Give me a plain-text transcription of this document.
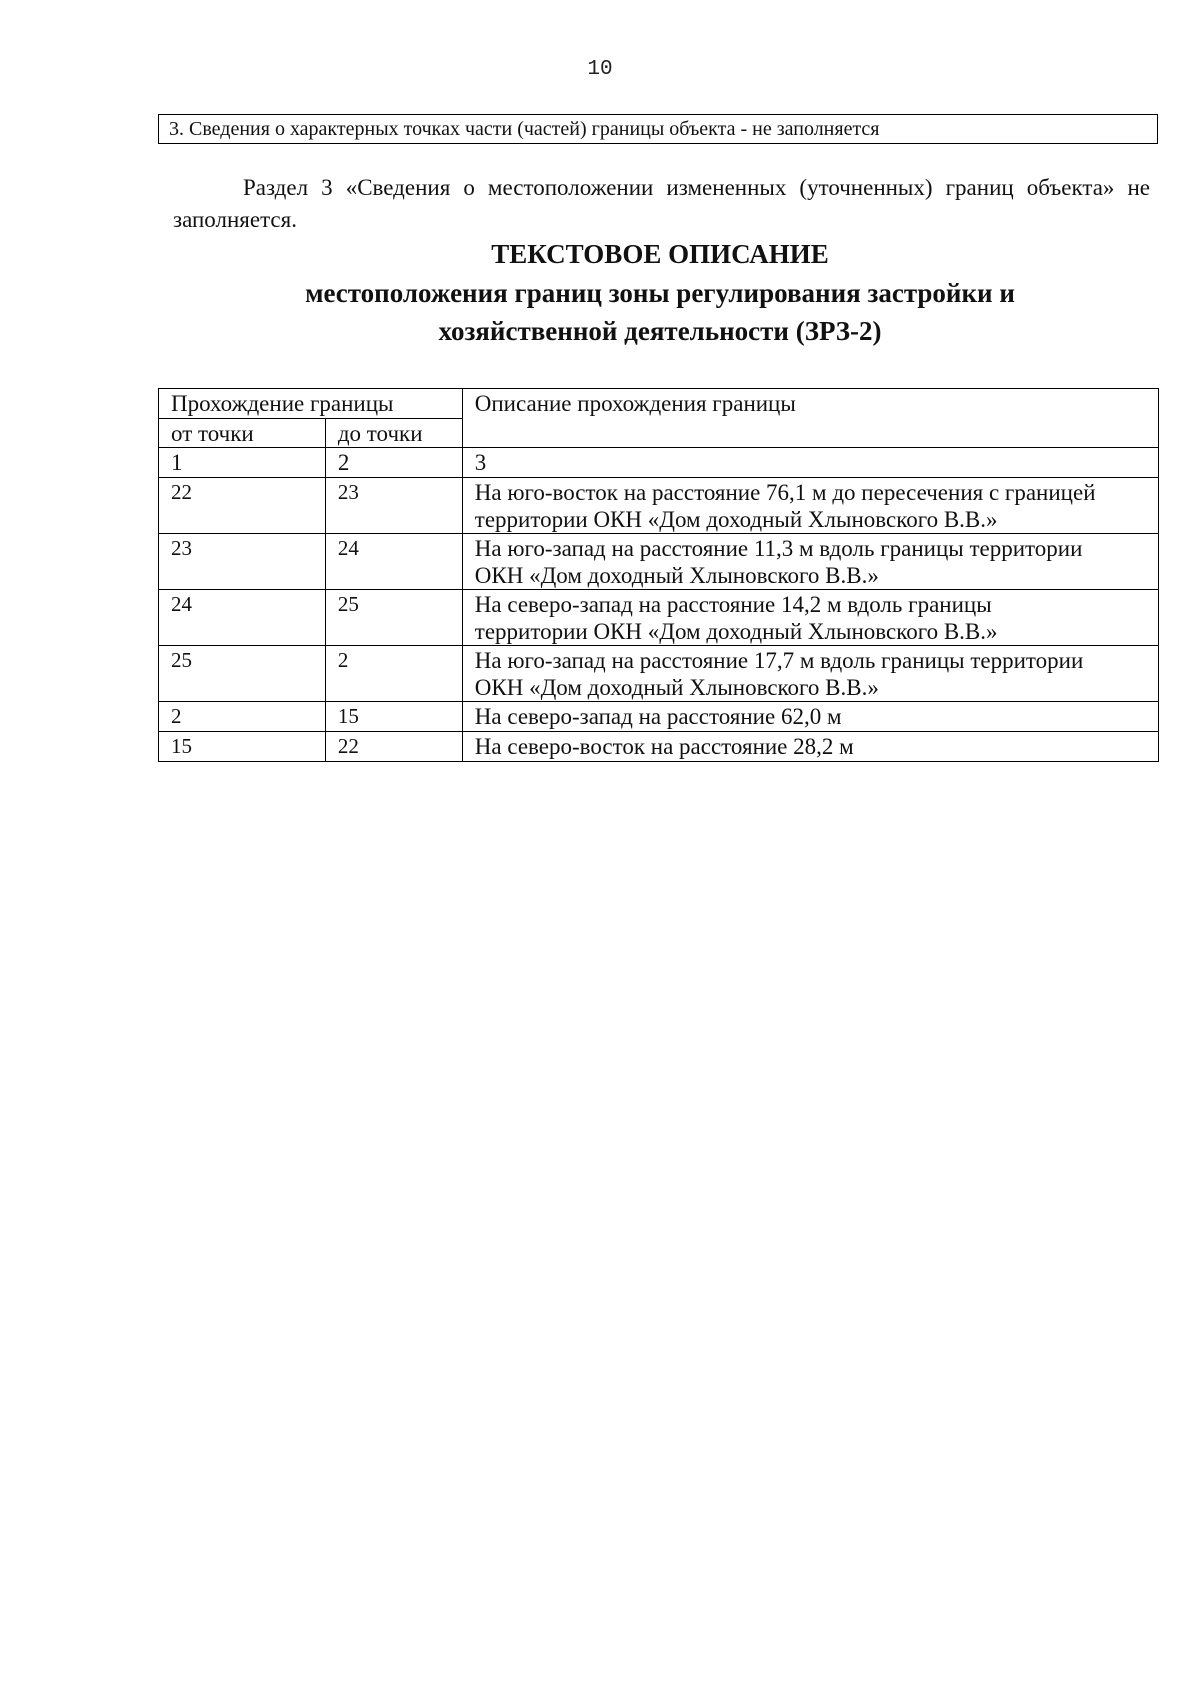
10
3. Сведения о характерных точках части (частей) границы объекта - не заполняется

Раздел 3 «Сведения о местоположении измененных (уточненных) границ объекта» не заполняется.

ТЕКСТОВОЕ ОПИСАНИЕ
местоположения границ зоны регулирования застройки и
хозяйственной деятельности (ЗРЗ-2)
Прохождение границы		Описание прохождения границы
от точки	до точки	
1	2	3
22	23	На юго-восток на расстояние 76,1 м до пересечения с границей
территории ОКН «Дом доходный Хлыновского В.В.»

23	24	На юго-запад на расстояние 11,3 м вдоль границы территории
ОКН «Дом доходный Хлыновского В.В.»

24	25	На северо-запад на расстояние 14,2 м вдоль границы
территории ОКН «Дом доходный Хлыновского В.В.»

25	2	На юго-запад на расстояние 17,7 м вдоль границы территории
ОКН «Дом доходный Хлыновского В.В.»

2	15	На северо-запад на расстояние 62,0 м
15	22	На северо-восток на расстояние 28,2 м
